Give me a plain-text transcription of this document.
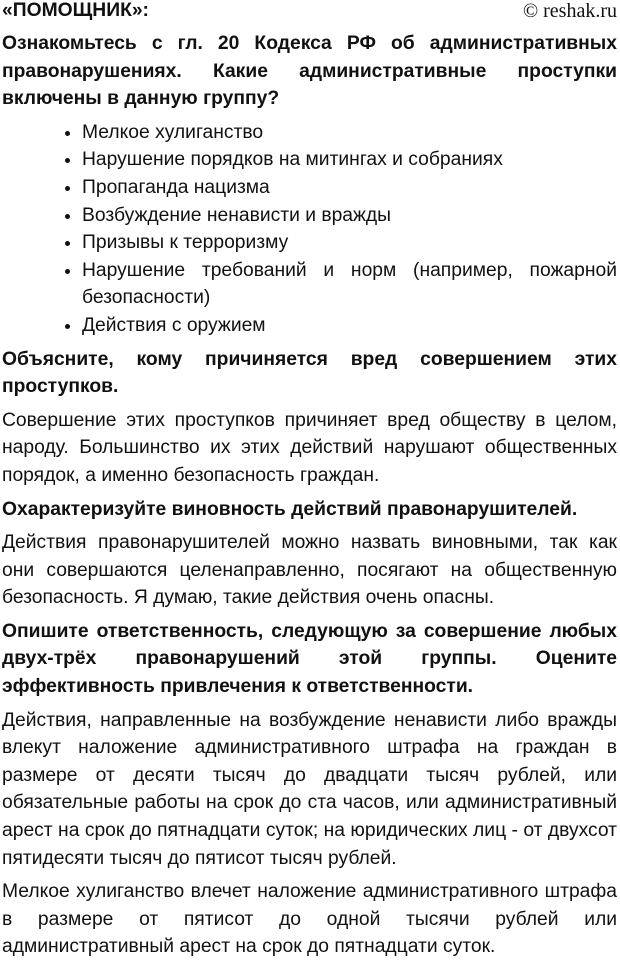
«ПОМОЩНИК»:	© reshak.ru

Ознакомьтесь с гл. 20 Кодекса РФ об административных правонарушениях. Какие административные проступки включены в данную группу?

• Мелкое хулиганство
• Нарушение порядков на митингах и собраниях
• Пропаганда нацизма
• Возбуждение ненависти и вражды
• Призывы к терроризму
• Нарушение требований и норм (например, пожарной безопасности)
• Действия с оружием

Объясните, кому причиняется вред совершением этих проступков.

Совершение этих проступков причиняет вред обществу в целом, народу. Большинство их этих действий нарушают общественных порядок, а именно безопасность граждан.

Охарактеризуйте виновность действий правонарушителей.

Действия правонарушителей можно назвать виновными, так как они совершаются целенаправленно, посягают на общественную безопасность. Я думаю, такие действия очень опасны.

Опишите ответственность, следующую за совершение любых двух-трёх правонарушений этой группы. Оцените эффективность привлечения к ответственности.

Действия, направленные на возбуждение ненависти либо вражды влекут наложение административного штрафа на граждан в размере от десяти тысяч до двадцати тысяч рублей, или обязательные работы на срок до ста часов, или административный арест на срок до пятнадцати суток; на юридических лиц - от двухсот пятидесяти тысяч до пятисот тысяч рублей.

Мелкое хулиганство влечет наложение административного штрафа в размере от пятисот до одной тысячи рублей или административный арест на срок до пятнадцати суток.
